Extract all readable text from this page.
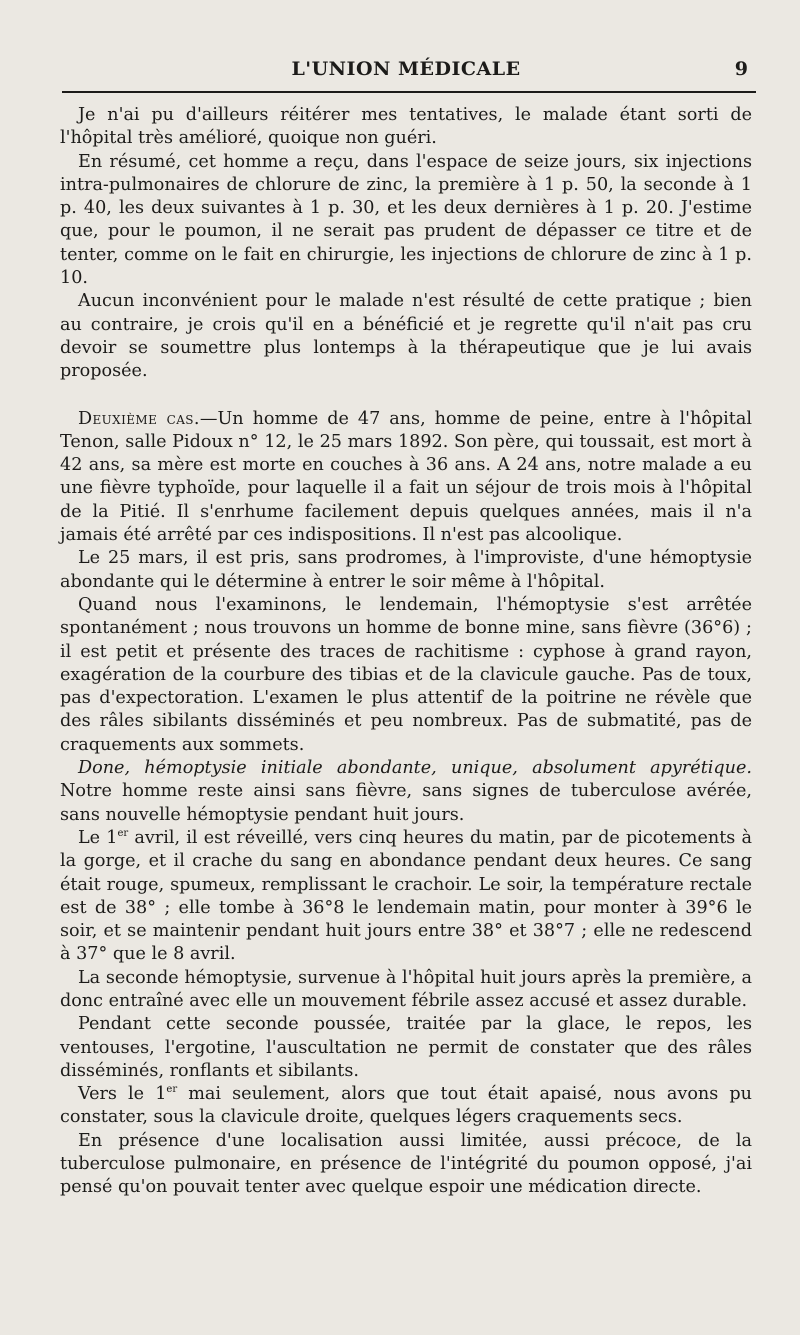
L'UNION MÉDICALE	9

Je n'ai pu d'ailleurs réitérer mes tentatives, le malade étant sorti de l'hôpital très amélioré, quoique non guéri.

En résumé, cet homme a reçu, dans l'espace de seize jours, six injections intra-pulmonaires de chlorure de zinc, la première à 1 p. 50, la seconde à 1 p. 40, les deux suivantes à 1 p. 30, et les deux dernières à 1 p. 20. J'estime que, pour le poumon, il ne serait pas prudent de dépasser ce titre et de tenter, comme on le fait en chirurgie, les injections de chlorure de zinc à 1 p. 10.

Aucun inconvénient pour le malade n'est résulté de cette pratique ; bien au contraire, je crois qu'il en a bénéficié et je regrette qu'il n'ait pas cru devoir se soumettre plus lontemps à la thérapeutique que je lui avais proposée.

Deuxième cas.—Un homme de 47 ans, homme de peine, entre à l'hôpital Tenon, salle Pidoux n° 12, le 25 mars 1892. Son père, qui toussait, est mort à 42 ans, sa mère est morte en couches à 36 ans. A 24 ans, notre malade a eu une fièvre typhoïde, pour laquelle il a fait un séjour de trois mois à l'hôpital de la Pitié. Il s'enrhume facilement depuis quelques années, mais il n'a jamais été arrêté par ces indispositions. Il n'est pas alcoolique.

Le 25 mars, il est pris, sans prodromes, à l'improviste, d'une hémoptysie abondante qui le détermine à entrer le soir même à l'hôpital.

Quand nous l'examinons, le lendemain, l'hémoptysie s'est arrêtée spontanément ; nous trouvons un homme de bonne mine, sans fièvre (36°6) ; il est petit et présente des traces de rachitisme : cyphose à grand rayon, exagération de la courbure des tibias et de la clavicule gauche. Pas de toux, pas d'expectoration. L'examen le plus attentif de la poitrine ne révèle que des râles sibilants disséminés et peu nombreux. Pas de submatité, pas de craquements aux sommets.

Done, hémoptysie initiale abondante, unique, absolument apyrétique. Notre homme reste ainsi sans fièvre, sans signes de tuberculose avérée, sans nouvelle hémoptysie pendant huit jours.

Le 1er avril, il est réveillé, vers cinq heures du matin, par de picotements à la gorge, et il crache du sang en abondance pendant deux heures. Ce sang était rouge, spumeux, remplissant le crachoir. Le soir, la température rectale est de 38° ; elle tombe à 36°8 le lendemain matin, pour monter à 39°6 le soir, et se maintenir pendant huit jours entre 38° et 38°7 ; elle ne redescend à 37° que le 8 avril.

La seconde hémoptysie, survenue à l'hôpital huit jours après la première, a donc entraîné avec elle un mouvement fébrile assez accusé et assez durable.

Pendant cette seconde poussée, traitée par la glace, le repos, les ventouses, l'ergotine, l'auscultation ne permit de constater que des râles disséminés, ronflants et sibilants.

Vers le 1er mai seulement, alors que tout était apaisé, nous avons pu constater, sous la clavicule droite, quelques légers craquements secs.

En présence d'une localisation aussi limitée, aussi précoce, de la tuberculose pulmonaire, en présence de l'intégrité du poumon opposé, j'ai pensé qu'on pouvait tenter avec quelque espoir une médication directe.
